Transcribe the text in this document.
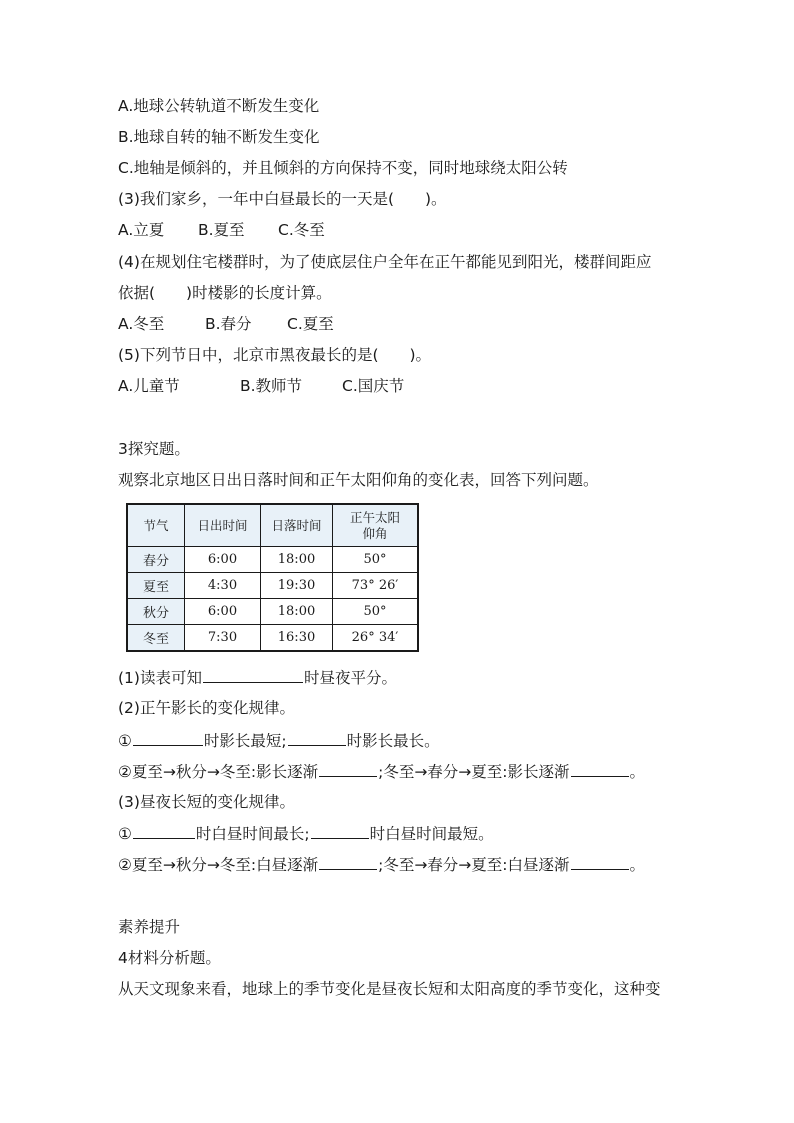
A.地球公转轨道不断发生变化
B.地球自转的轴不断发生变化
C.地轴是倾斜的，并且倾斜的方向保持不变，同时地球绕太阳公转
(3)我们家乡，一年中白昼最长的一天是(　　)。
A.立夏 B.夏至 C.冬至
(4)在规划住宅楼群时，为了使底层住户全年在正午都能见到阳光，楼群间距应
依据(　　)时楼影的长度计算。
A.冬至	B.春分 C.夏至
(5)下列节日中，北京市黑夜最长的是(　　)。
A.儿童节	B.教师节	C.国庆节
3探究题。
观察北京地区日出日落时间和正午太阳仰角的变化表，回答下列问题。
节气	日出时间	日落时间	正午太阳仰角
春分	6:00	18:00	50°
夏至	4:30	19:30	73° 26′
秋分	6:00	18:00	50°
冬至	7:30	16:30	26° 34′
(1)读表可知	时昼夜平分。
(2)正午影长的变化规律。
①	时影长最短;	时影长最长。
②夏至→秋分→冬至:影长逐渐	;冬至→春分→夏至:影长逐渐	。
(3)昼夜长短的变化规律。
①	时白昼时间最长;	时白昼时间最短。
②夏至→秋分→冬至:白昼逐渐	;冬至→春分→夏至:白昼逐渐	。
素养提升
4材料分析题。
从天文现象来看，地球上的季节变化是昼夜长短和太阳高度的季节变化，这种变
